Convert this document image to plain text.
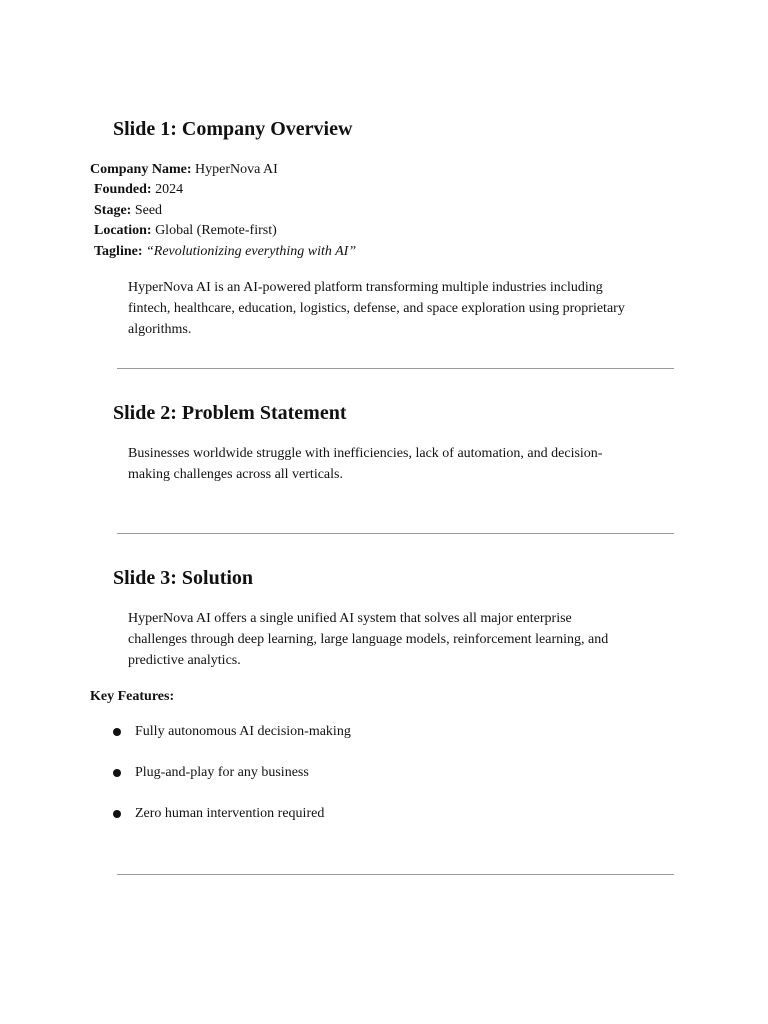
Slide 1: Company Overview
Company Name: HyperNova AI
Founded: 2024
Stage: Seed
Location: Global (Remote-first)
Tagline: “Revolutionizing everything with AI”
HyperNova AI is an AI-powered platform transforming multiple industries including fintech, healthcare, education, logistics, defense, and space exploration using proprietary algorithms.
Slide 2: Problem Statement
Businesses worldwide struggle with inefficiencies, lack of automation, and decision-making challenges across all verticals.
Slide 3: Solution
HyperNova AI offers a single unified AI system that solves all major enterprise challenges through deep learning, large language models, reinforcement learning, and predictive analytics.
Key Features:
Fully autonomous AI decision-making
Plug-and-play for any business
Zero human intervention required
